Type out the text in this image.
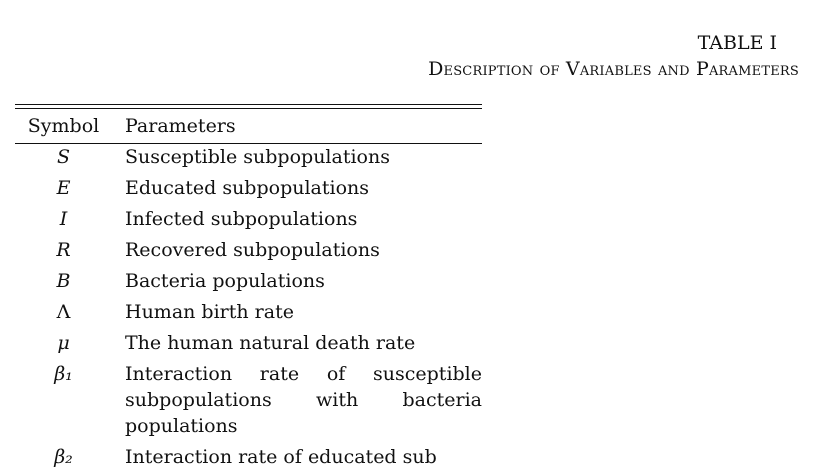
TABLE I
Description of Variables and Parameters
Symbol	Parameters
S	Susceptible subpopulations
E	Educated subpopulations
I	Infected subpopulations
R	Recovered subpopulations
B	Bacteria populations
Λ	Human birth rate
μ	The human natural death rate
β₁	Interaction rate of susceptible subpopulations with bacteria populations
β₂	Interaction rate of educated sub
